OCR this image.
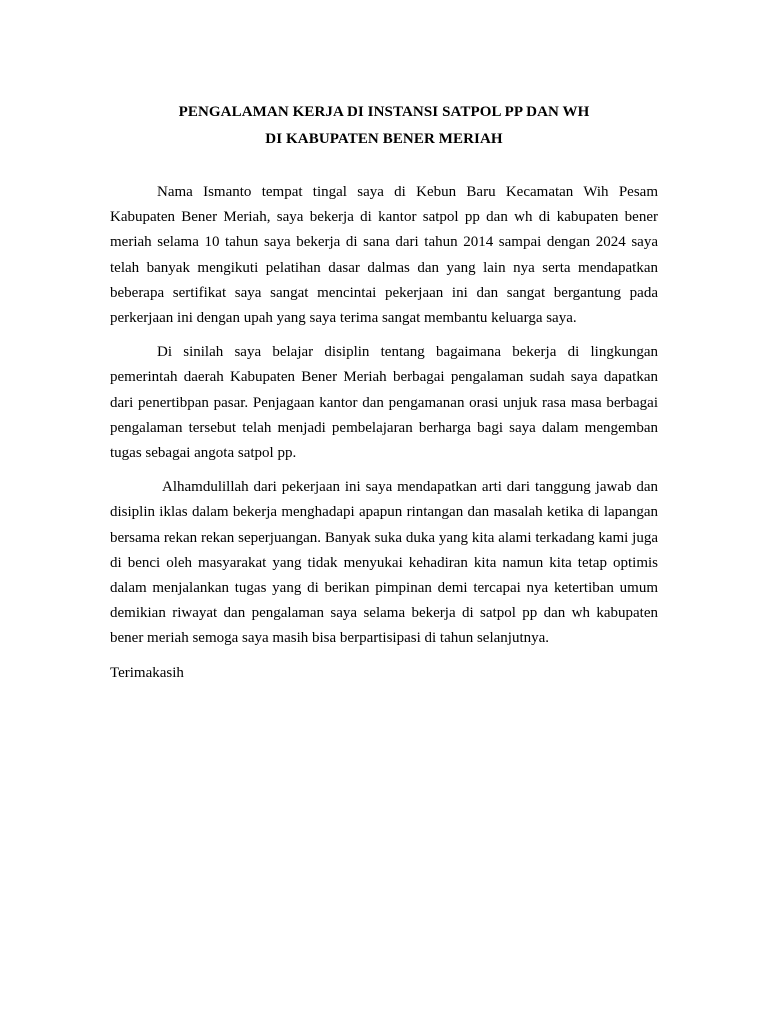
PENGALAMAN KERJA DI INSTANSI SATPOL PP DAN WH

DI KABUPATEN BENER MERIAH

Nama Ismanto tempat tingal saya di Kebun Baru Kecamatan Wih Pesam Kabupaten Bener Meriah, saya bekerja di kantor satpol pp dan wh di kabupaten bener meriah selama 10 tahun saya bekerja di sana dari tahun 2014 sampai dengan 2024 saya telah banyak mengikuti pelatihan dasar dalmas dan yang lain nya serta mendapatkan beberapa sertifikat saya sangat mencintai pekerjaan ini dan sangat bergantung pada perkerjaan ini dengan upah yang saya terima sangat membantu keluarga saya.

Di sinilah saya belajar disiplin tentang bagaimana bekerja di lingkungan pemerintah daerah Kabupaten Bener Meriah berbagai pengalaman sudah saya dapatkan dari penertibpan pasar. Penjagaan kantor dan pengamanan orasi unjuk rasa masa berbagai pengalaman tersebut telah menjadi pembelajaran berharga bagi saya dalam mengemban tugas sebagai angota satpol pp.

Alhamdulillah dari pekerjaan ini saya mendapatkan arti dari tanggung jawab dan disiplin iklas dalam bekerja menghadapi apapun rintangan dan masalah ketika di lapangan bersama rekan rekan seperjuangan. Banyak suka duka yang kita alami terkadang kami juga di benci oleh masyarakat yang tidak menyukai kehadiran kita namun kita tetap optimis dalam menjalankan tugas yang di berikan pimpinan demi tercapai nya ketertiban umum demikian riwayat dan pengalaman saya selama bekerja di satpol pp dan wh kabupaten bener meriah semoga saya masih bisa berpartisipasi di tahun selanjutnya.

Terimakasih
